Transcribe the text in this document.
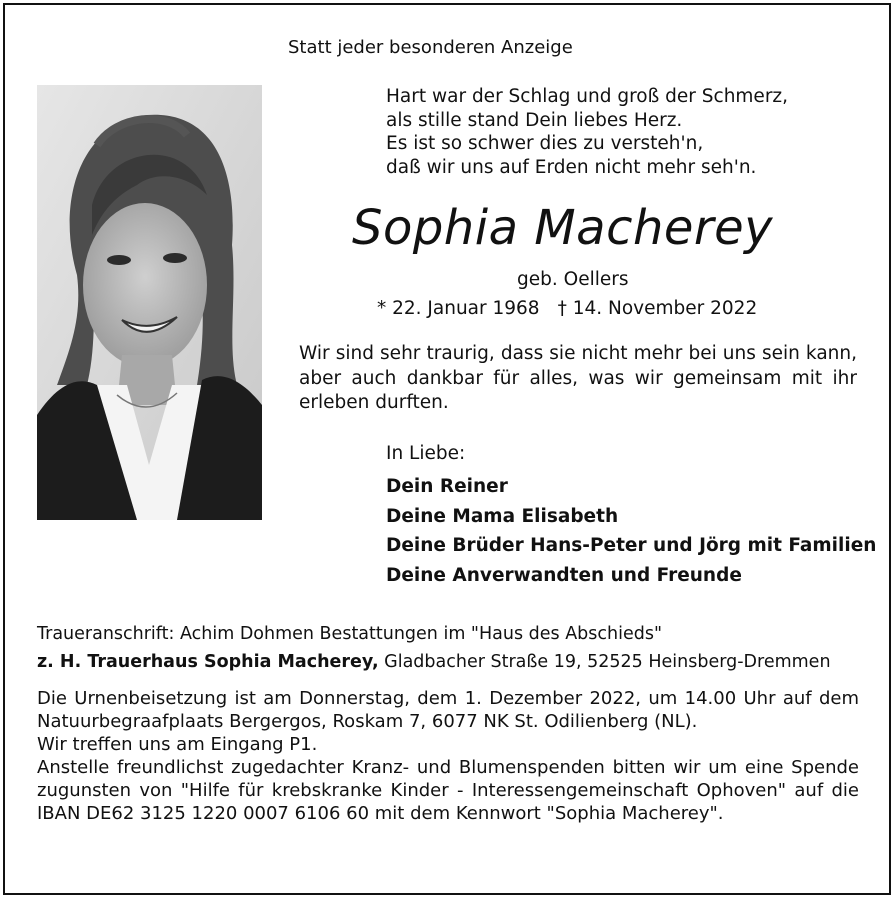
Statt jeder besonderen Anzeige
Hart war der Schlag und groß der Schmerz,
als stille stand Dein liebes Herz.
Es ist so schwer dies zu versteh'n,
daß wir uns auf Erden nicht mehr seh'n.
Sophia Macherey
geb. Oellers
* 22. Januar 1968 † 14. November 2022
Wir sind sehr traurig, dass sie nicht mehr bei uns sein kann, aber auch dankbar für alles, was wir gemeinsam mit ihr erleben durften.
In Liebe:
Dein Reiner
Deine Mama Elisabeth
Deine Brüder Hans-Peter und Jörg mit Familien
Deine Anverwandten und Freunde
Traueranschrift: Achim Dohmen Bestattungen im "Haus des Abschieds"
z. H. Trauerhaus Sophia Macherey, Gladbacher Straße 19, 52525 Heinsberg-Dremmen

Die Urnenbeisetzung ist am Donnerstag, dem 1. Dezember 2022, um 14.00 Uhr auf dem Natuurbegraafplaats Bergergos, Roskam 7, 6077 NK St. Odilienberg (NL).

Wir treffen uns am Eingang P1.

Anstelle freundlichst zugedachter Kranz- und Blumenspenden bitten wir um eine Spende zugunsten von "Hilfe für krebskranke Kinder - Interessengemeinschaft Ophoven" auf die IBAN DE62 3125 1220 0007 6106 60 mit dem Kennwort "Sophia Macherey".
